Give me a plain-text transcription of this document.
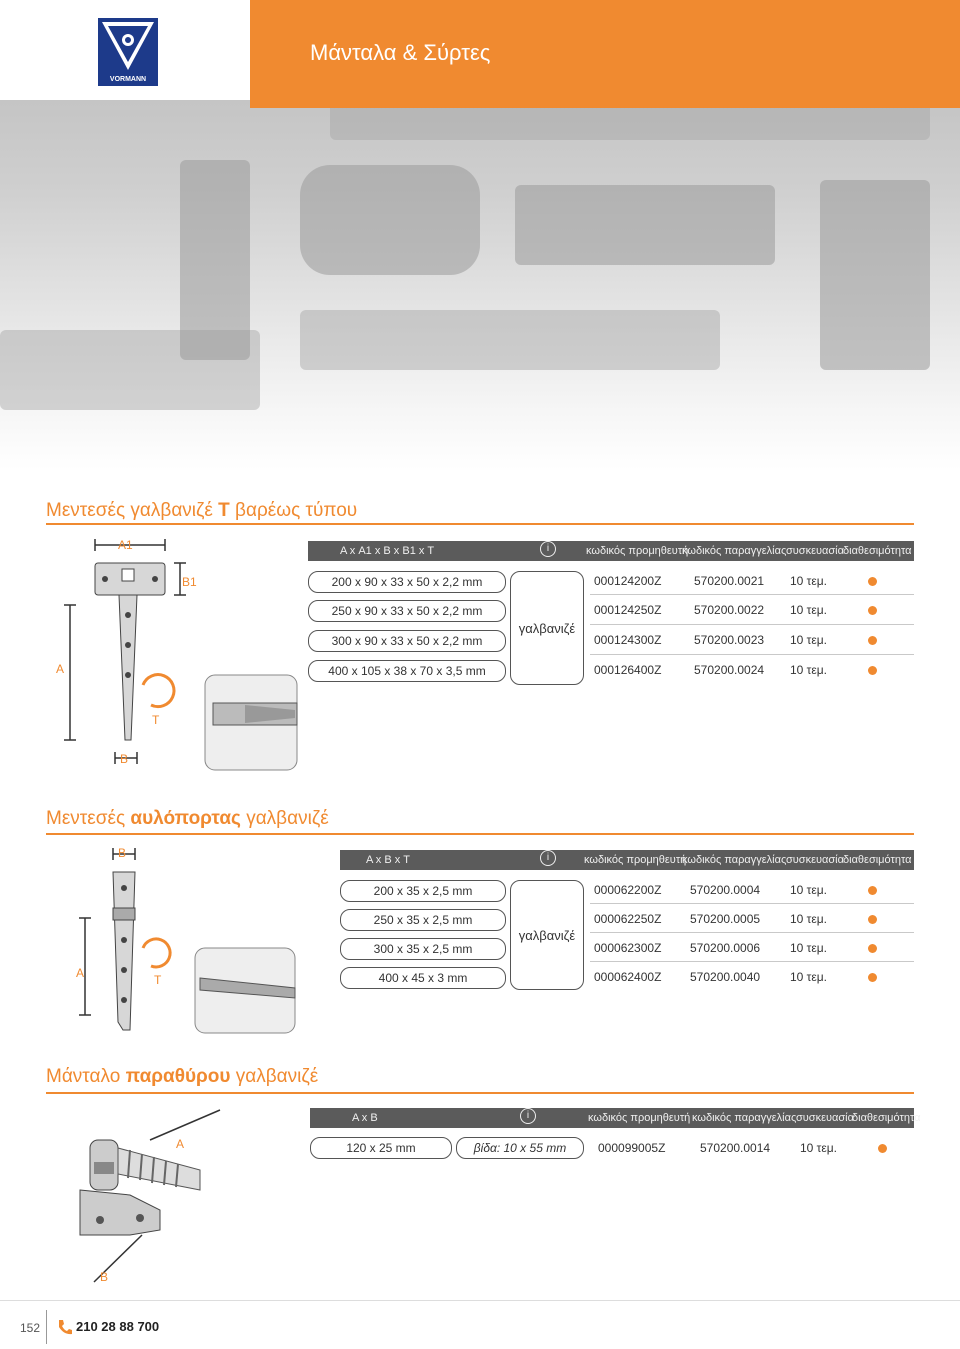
VORMANN
Μάνταλα & Σύρτες
Μεντεσές γαλβανιζέ Τ βαρέως τύπου
Α1
Β1
Α
Τ
Β
Α x Α1 x Β x Β1 x Τ	i	κωδικός προμηθευτή
κωδικός παραγγελίας συσκευασία διαθεσιμότητα
200 x 90 x 33 x 50 x 2,2 mm	000124200Ζ	570200.0021 10 τεμ.
250 x 90 x 33 x 50 x 2,2 mm	000124250Ζ	570200.0022 10 τεμ.
300 x 90 x 33 x 50 x 2,2 mm	000124300Ζ	570200.0023 10 τεμ.
400 x 105 x 38 x 70 x 3,5 mm	000126400Ζ	570200.0024 10 τεμ.
γαλβανιζέ
Μεντεσές αυλόπορτας γαλβανιζέ
Β
Α	Τ
Α x Β x Τ	i	κωδικός προμηθευτή
κωδικός παραγγελίας συσκευασία διαθεσιμότητα
200 x 35 x 2,5 mm	000062200Ζ 570200.0004 10 τεμ.
250 x 35 x 2,5 mm	000062250Ζ 570200.0005 10 τεμ.
300 x 35 x 2,5 mm	000062300Ζ 570200.0006 10 τεμ.
400 x 45 x 3 mm	000062400Ζ 570200.0040 10 τεμ.
γαλβανιζέ
Μάνταλο παραθύρου γαλβανιζέ
Α
Β
Α x Β	i	κωδικός προμηθευτή κωδικός παραγγελίας συσκευασία
διαθεσιμότητα
120 x 25 mm	βίδα: 10 x 55 mm	000099005Ζ	570200.0014 10 τεμ.
152	210 28 88 700
